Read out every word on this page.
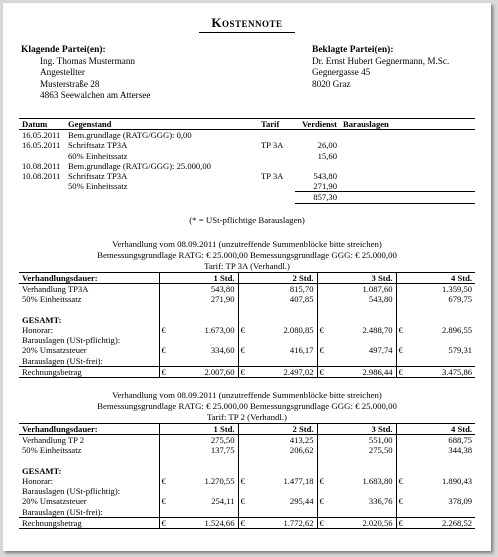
Kostennote
Klagende Partei(en):
Ing. Thomas Mustermann
Angestellter
Musterstraße 28
4863 Seewalchen am Attersee
Beklagte Partei(en):
Dr. Ernst Hubert Gegnermann, M.Sc.
Gegnergasse 45
8020 Graz
Datum	Gegenstand	Tarif	Verdienst	Barauslagen
16.05.2011	Bem.grundlage (RATG/GGG): 0,00			
16.05.2011	Schriftsatz TP3A	TP 3A	26,00	
	60% Einheitssatz		15,60	
10.08.2011	Bem.grundlage (RATG/GGG): 25.000,00			
10.08.2011	Schriftsatz TP3A	TP 3A	543,80	
	50% Einheitssatz		271,90	
			857,30	
(* = USt-pflichtige Barauslagen)
Verhandlung vom 08.09.2011 (unzutreffende Summenblöcke bitte streichen)
Bemessungsgrundlage RATG: € 25.000,00 Bemessungsgrundlage GGG: € 25.000,00
Tarif: TP 3A (Verhandl.)
Verhandlungsdauer:	1 Std.		2 Std.		3 Std.		4 Std.	
Verhandlung TP3A	543,80		815,70		1.087,60		1.359,50	
50% Einheitssatz	271,90		407,85		543,80		679,75	

GESAMT:								
Honorar:	€	1.673,00	€	2.080,85	€	2.488,70	€	2.896,55
Barauslagen (USt-pflichtig):								
20% Umsatzsteuer	€	334,60	€	416,17	€	497,74	€	579,31
Barauslagen (USt-frei):								
Rechnungsbetrag	€	2.007,60	€	2.497,02	€	2.986,44	€	3.475,86
Verhandlung vom 08.09.2011 (unzutreffende Summenblöcke bitte streichen)
Bemessungsgrundlage RATG: € 25.000,00 Bemessungsgrundlage GGG: € 25.000,00
Tarif: TP 2 (Verhandl.)
Verhandlungsdauer:	1 Std.		2 Std.		3 Std.		4 Std.	
Verhandlung TP 2	275,50		413,25		551,00		688,75	
50% Einheitssatz	137,75		206,62		275,50		344,38	

GESAMT:								
Honorar:	€	1.270,55	€	1.477,18	€	1.683,80	€	1.890,43
Barauslagen (USt-pflichtig):								
20% Umsatzsteuer	€	254,11	€	295,44	€	336,76	€	378,09
Barauslagen (USt-frei):								
Rechnungsbetrag	€	1.524,66	€	1.772,62	€	2.020,56	€	2.268,52
